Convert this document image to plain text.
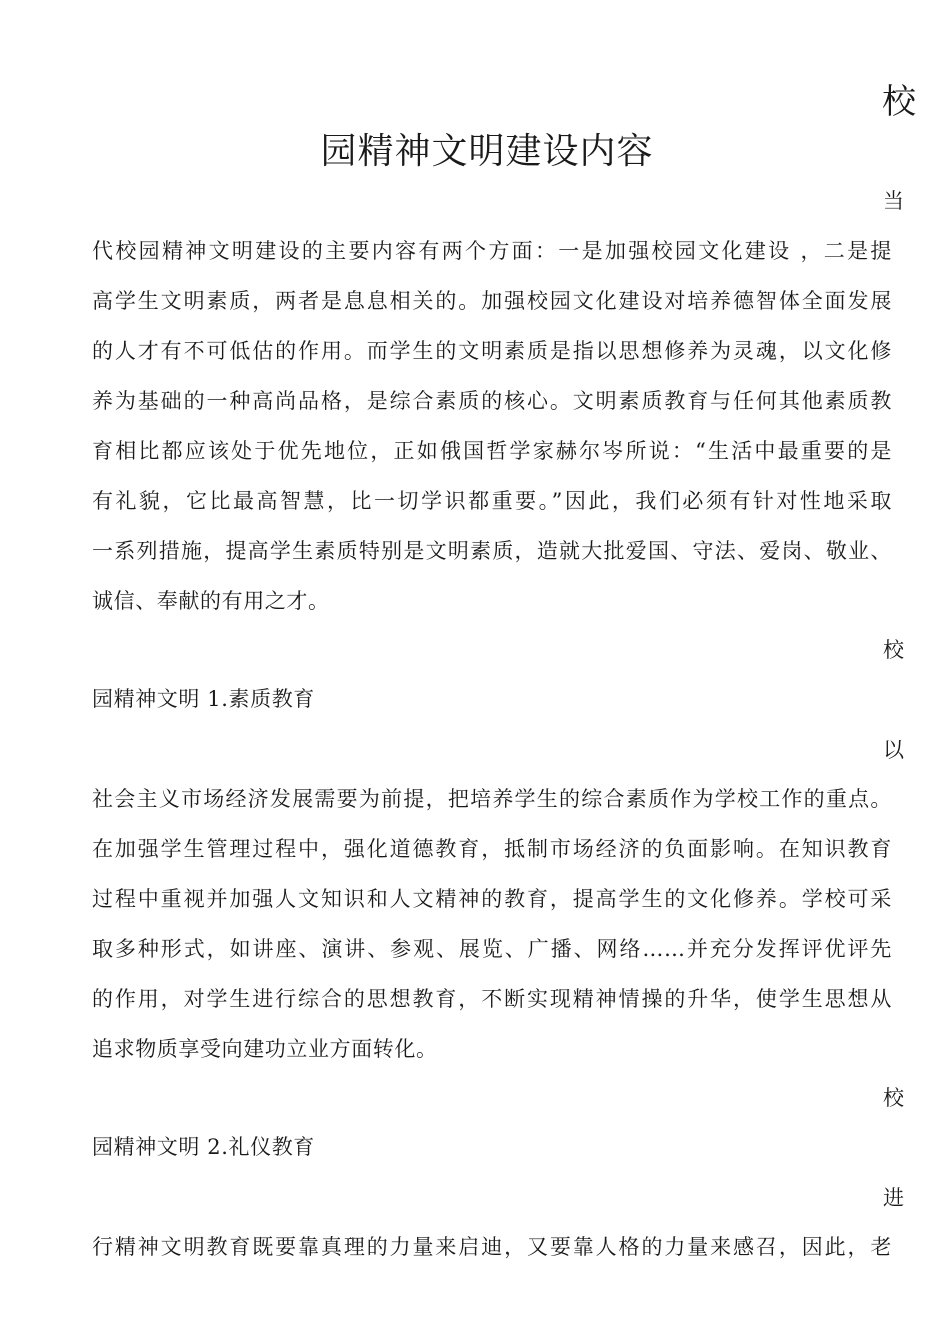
校
园精神文明建设内容
当
代校园精神文明建设的主要内容有两个方面：一是加强校园文化建设 ，二是提
高学生文明素质，两者是息息相关的。加强校园文化建设对培养德智体全面发展
的人才有不可低估的作用。而学生的文明素质是指以思想修养为灵魂，以文化修
养为基础的一种高尚品格，是综合素质的核心。文明素质教育与任何其他素质教
育相比都应该处于优先地位，正如俄国哲学家赫尔岑所说：“生活中最重要的是
有礼貌，它比最高智慧，比一切学识都重要。”因此，我们必须有针对性地采取
一系列措施，提高学生素质特别是文明素质，造就大批爱国、守法、爱岗、敬业、
诚信、奉献的有用之才。
校
园精神文明 1.素质教育
以
社会主义市场经济发展需要为前提，把培养学生的综合素质作为学校工作的重点。
在加强学生管理过程中，强化道德教育，抵制市场经济的负面影响。在知识教育
过程中重视并加强人文知识和人文精神的教育，提高学生的文化修养。学校可采
取多种形式，如讲座、演讲、参观、展览、广播、网络……并充分发挥评优评先
的作用，对学生进行综合的思想教育，不断实现精神情操的升华，使学生思想从
追求物质享受向建功立业方面转化。
校
园精神文明 2.礼仪教育
进
行精神文明教育既要靠真理的力量来启迪，又要靠人格的力量来感召，因此，老
